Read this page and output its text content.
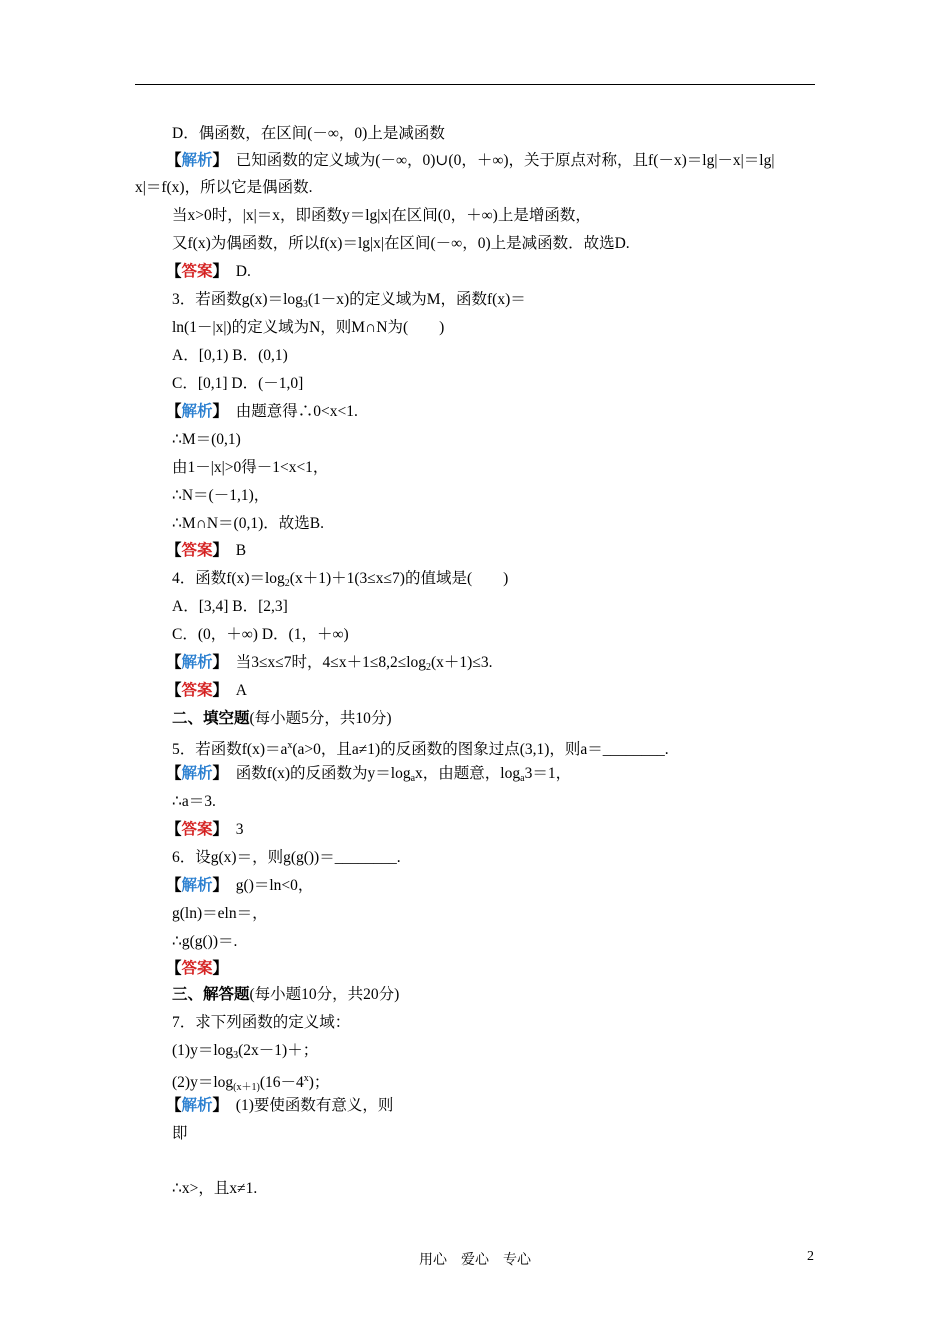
D．偶函数，在区间(－∞，0)上是减函数
【解析】　已知函数的定义域为(－∞，0)∪(0，＋∞)，关于原点对称，且f(－x)＝lg|－x|＝lg|
x|＝f(x)，所以它是偶函数.
当x>0时，|x|＝x，即函数y＝lg|x|在区间(0，＋∞)上是增函数，
又f(x)为偶函数，所以f(x)＝lg|x|在区间(－∞，0)上是减函数．故选D.
【答案】　D.
3．若函数$g(x)=\log_3(1-x)$的定义域为M，函数f(x)＝
ln(1－|x|)的定义域为N，则M∩N为(　　)
A．[0,1) B．(0,1)
C．[0,1] D．(－1,0]
【解析】　由题意得∴0<x<1.
∴M＝(0,1)
由1－|x|>0得－1<x<1，
∴N＝(－1,1)，
∴M∩N＝(0,1)．故选B.
【答案】　B
4．函数$f(x)=\log_2(x+1)+1(3\le x\le 7)$的值域是(　　)
A．[3,4] B．[2,3]
C．(0，＋∞) D．(1，＋∞)
【解析】　当3≤x≤7时，$4\le x+1\le 8,2\le\log_2(x+1)\le 3$.
【答案】　A
二、填空题(每小题5分，共10分)
5．若函数$f(x)=a^x(a>0$，且a≠1)的反函数的图象过点(3,1)，则a＝________.
【解析】　函数f(x)的反函数为$y=\log_ax$，由题意，$\log_a3=1$，
∴a＝3.
【答案】　3
6．设g(x)＝，则g(g())＝________.
【解析】　g()＝ln<0，
g(ln)＝eln＝，
∴g(g())＝.
【答案】
三、解答题(每小题10分，共20分)
7．求下列函数的定义域：
$(1)y=\log_3(2x-1)+$；
$(2)y=\log_{(x+1)}(16-4^x)$；
【解析】　(1)要使函数有意义，则
即
∴x>，且x≠1.
用心　爱心　专心	2
